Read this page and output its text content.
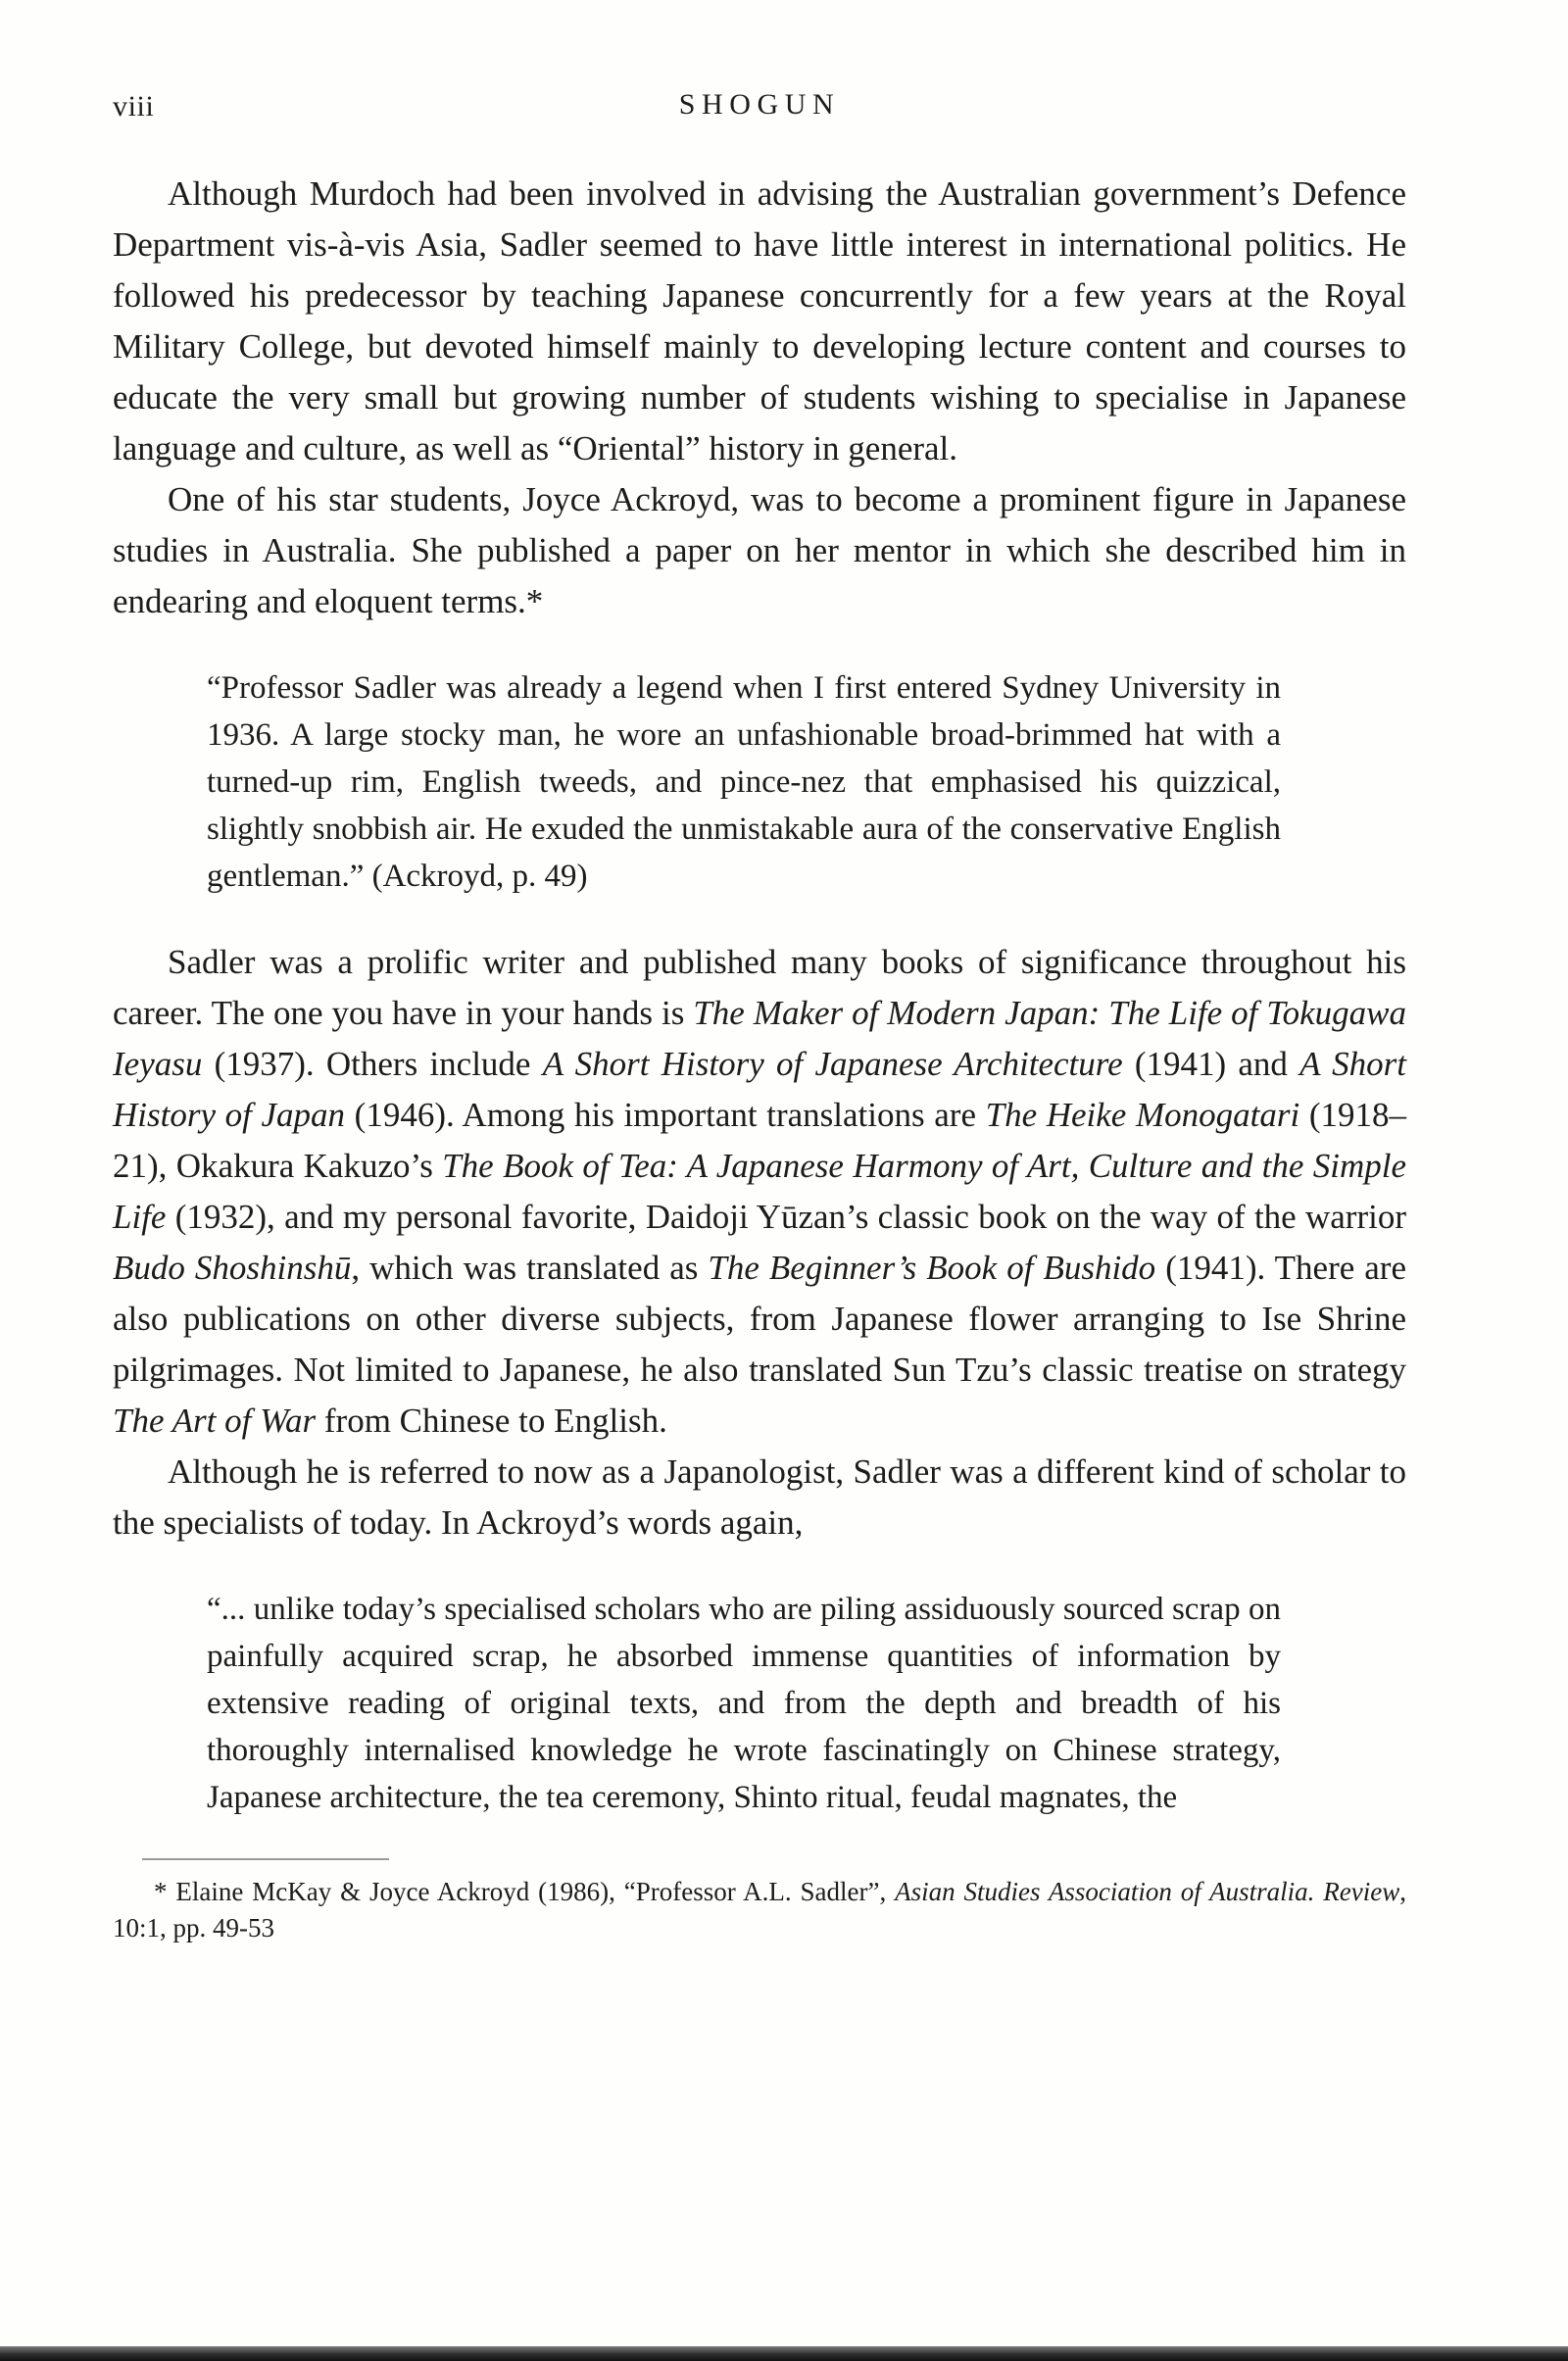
viii	SHOGUN
Although Murdoch had been involved in advising the Australian government’s Defence Department vis-à-vis Asia, Sadler seemed to have little interest in international politics. He followed his predecessor by teaching Japanese concurrently for a few years at the Royal Military College, but devoted himself mainly to developing lecture content and courses to educate the very small but growing number of students wishing to specialise in Japanese language and culture, as well as “Oriental” history in general.
One of his star students, Joyce Ackroyd, was to become a prominent figure in Japanese studies in Australia. She published a paper on her mentor in which she described him in endearing and eloquent terms.*
“Professor Sadler was already a legend when I first entered Sydney University in 1936. A large stocky man, he wore an unfashionable broad-brimmed hat with a turned-up rim, English tweeds, and pince-nez that emphasised his quizzical, slightly snobbish air. He exuded the unmistakable aura of the conservative English gentleman.” (Ackroyd, p. 49)
Sadler was a prolific writer and published many books of significance throughout his career. The one you have in your hands is The Maker of Modern Japan: The Life of Tokugawa Ieyasu (1937). Others include A Short History of Japanese Architecture (1941) and A Short History of Japan (1946). Among his important translations are The Heike Monogatari (1918–21), Okakura Kakuzo’s The Book of Tea: A Japanese Harmony of Art, Culture and the Simple Life (1932), and my personal favorite, Daidoji Yūzan’s classic book on the way of the warrior Budo Shoshinshū, which was translated as The Beginner’s Book of Bushido (1941). There are also publications on other diverse subjects, from Japanese flower arranging to Ise Shrine pilgrimages. Not limited to Japanese, he also translated Sun Tzu’s classic treatise on strategy The Art of War from Chinese to English.
Although he is referred to now as a Japanologist, Sadler was a different kind of scholar to the specialists of today. In Ackroyd’s words again,
“... unlike today’s specialised scholars who are piling assiduously sourced scrap on painfully acquired scrap, he absorbed immense quantities of information by extensive reading of original texts, and from the depth and breadth of his thoroughly internalised knowledge he wrote fascinatingly on Chinese strategy, Japanese architecture, the tea ceremony, Shinto ritual, feudal magnates, the
* Elaine McKay & Joyce Ackroyd (1986), “Professor A.L. Sadler”, Asian Studies Association of Australia. Review, 10:1, pp. 49-53
